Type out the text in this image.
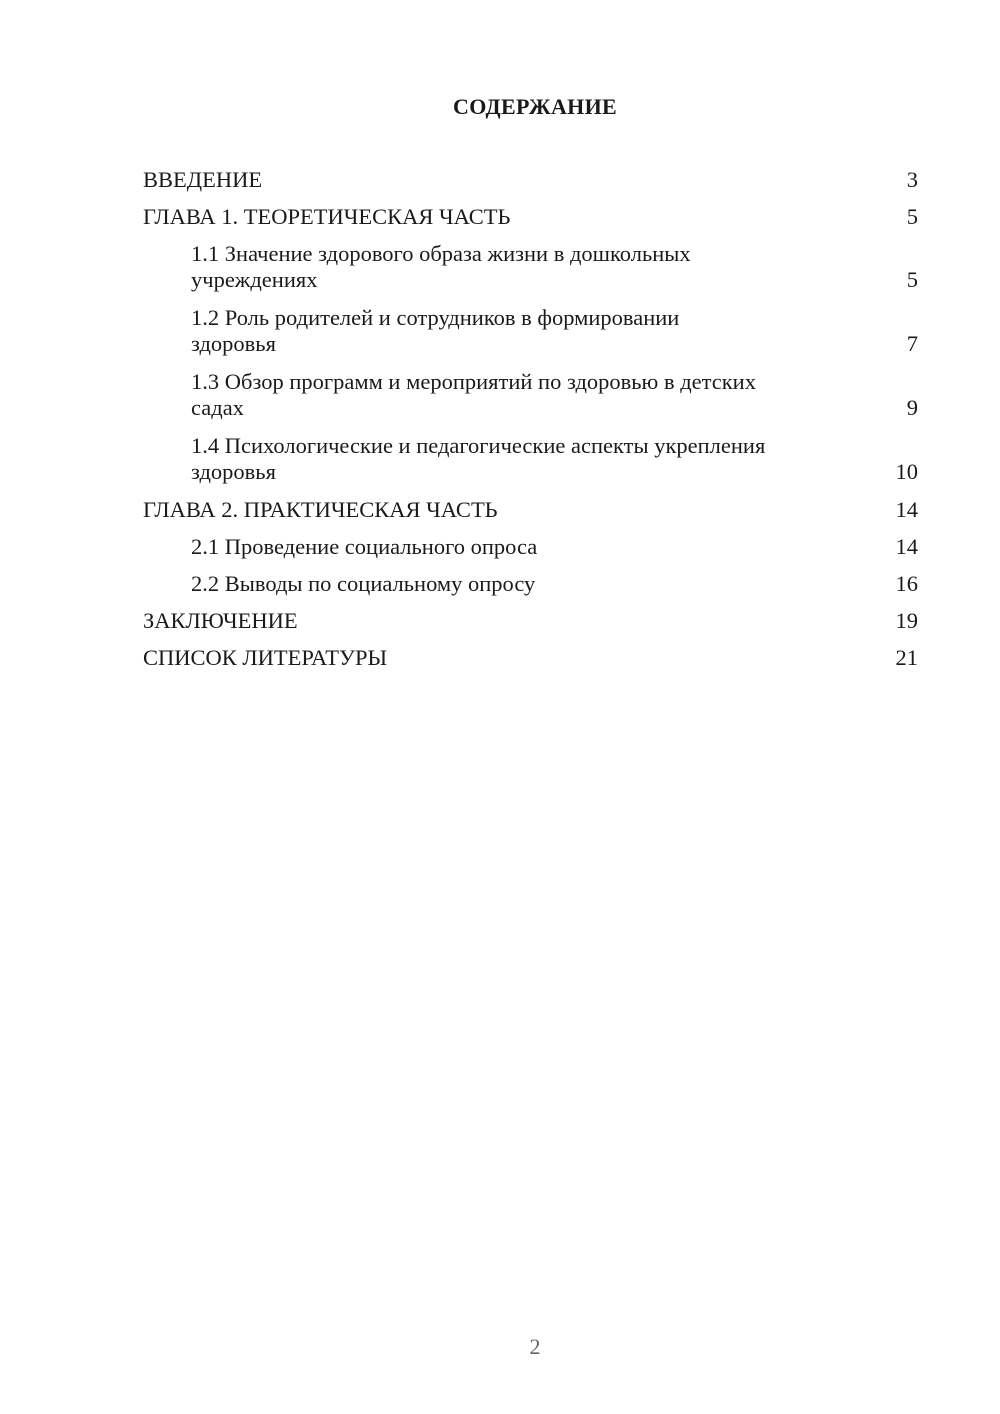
СОДЕРЖАНИЕ
ВВЕДЕНИЕ	3
ГЛАВА 1. ТЕОРЕТИЧЕСКАЯ ЧАСТЬ	5
1.1 Значение здорового образа жизни в дошкольных
учреждениях	5
1.2 Роль родителей и сотрудников в формировании
здоровья	7
1.3 Обзор программ и мероприятий по здоровью в детских
садах	9
1.4 Психологические и педагогические аспекты укрепления
здоровья	10
ГЛАВА 2. ПРАКТИЧЕСКАЯ ЧАСТЬ	14
2.1 Проведение социального опроса	14
2.2 Выводы по социальному опросу	16
ЗАКЛЮЧЕНИЕ	19
СПИСОК ЛИТЕРАТУРЫ	21
2
